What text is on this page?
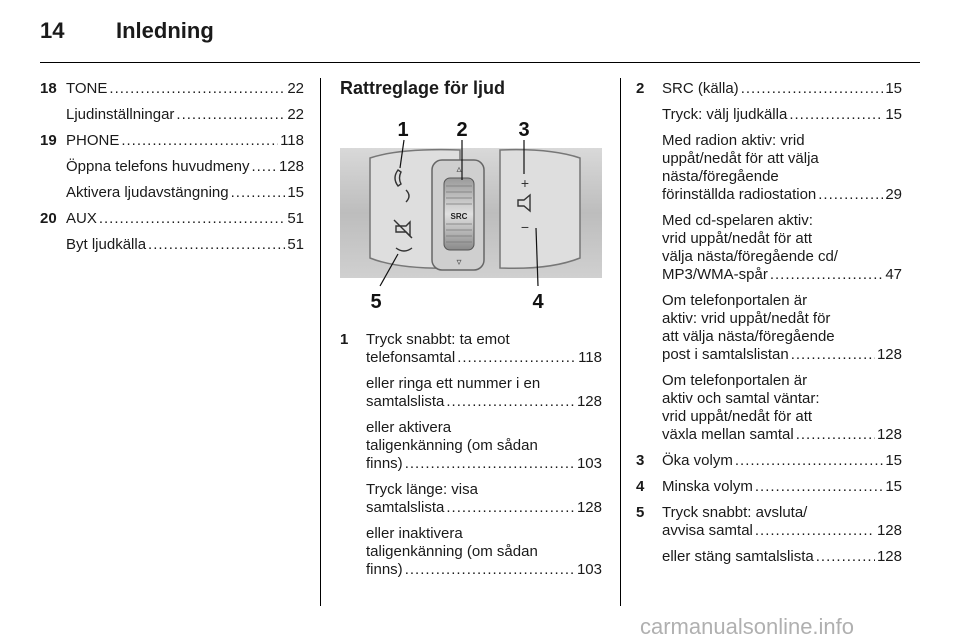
14 Inledning
18 TONE .....	22
Ljudinställningar .....	22
19 PHONE .....	118
Öppna telefons huvudmeny ..... 128
Aktivera ljudavstängning .....	15
20 AUX .....	51
Byt ljudkälla .....	51
Rattreglage för ljud
SRC
▵
▿
+
−
1 2	3
4
5
1 Tryck snabbt: ta emot
telefonsamtal .....	118
eller ringa ett nummer i en
samtalslista .....	128
eller aktivera
taligenkänning (om sådan
finns) .....	103
Tryck länge: visa
samtalslista .....	128
eller inaktivera
taligenkänning (om sådan
finns) .....	103
2 SRC (källa) .....	15
Tryck: välj ljudkälla .....	15
Med radion aktiv: vrid
uppåt/nedåt för att välja
nästa/föregående
förinställda radiostation .....	29
Med cd-spelaren aktiv:
vrid uppåt/nedåt för att
välja nästa/föregående cd/
MP3/WMA-spår .....	47
Om telefonportalen är
aktiv: vrid uppåt/nedåt för
att välja nästa/föregående
post i samtalslistan .....	128
Om telefonportalen är
aktiv och samtal väntar:
vrid uppåt/nedåt för att
växla mellan samtal .....	128
3 Öka volym .....	15
4 Minska volym .....	15
5 Tryck snabbt: avsluta/
avvisa samtal .....	128
eller stäng samtalslista .....	128
carmanualsonline.info
